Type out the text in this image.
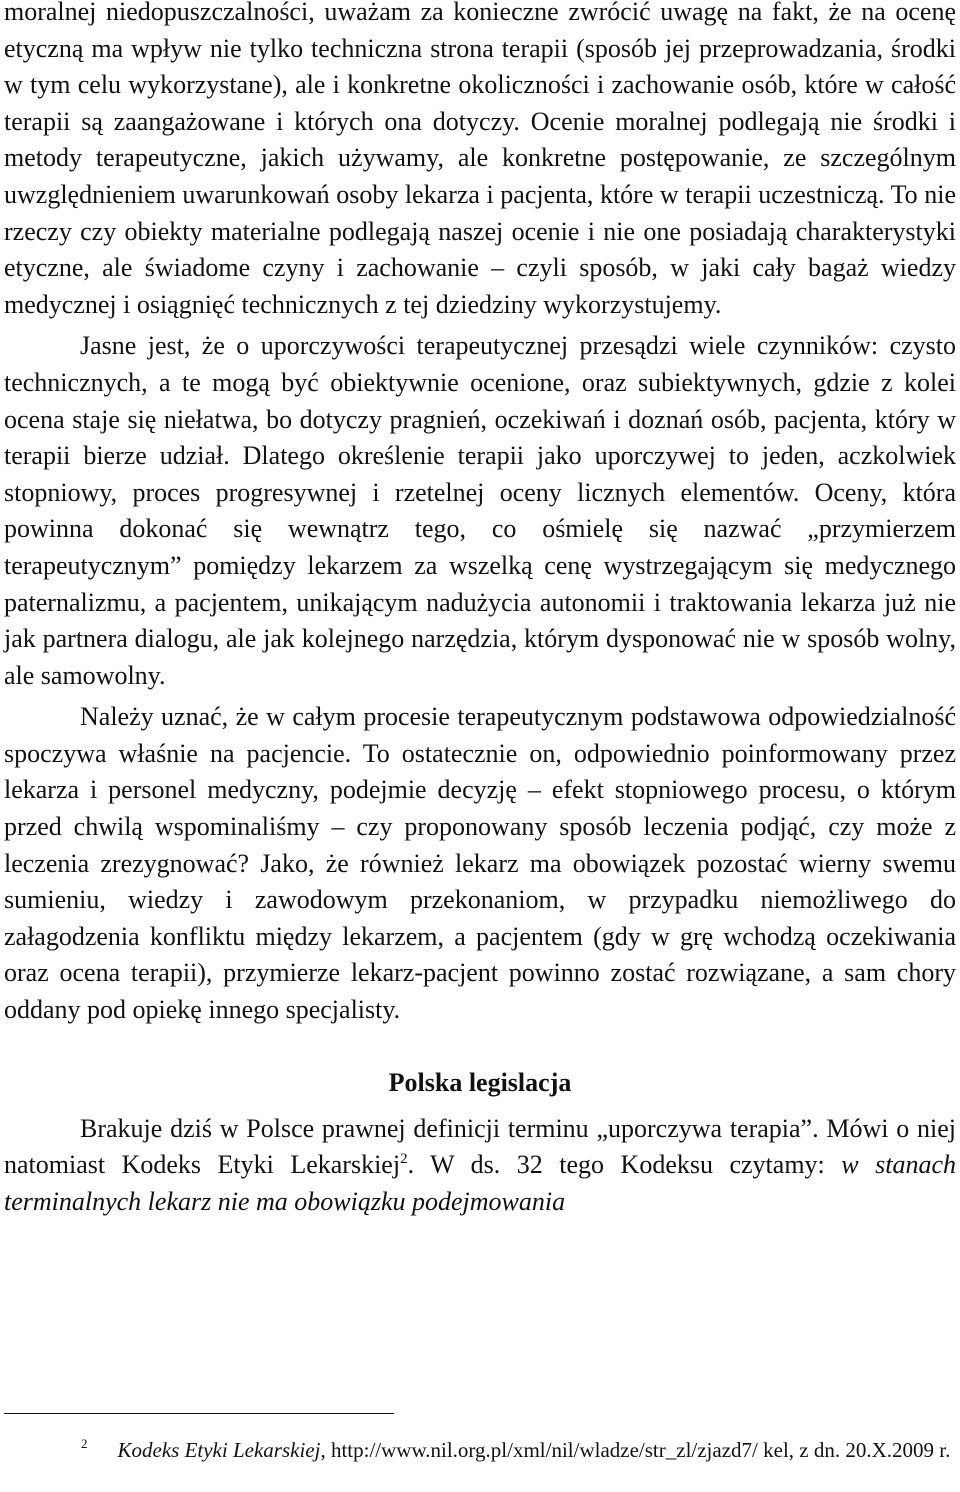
moralnej niedopuszczalności, uważam za konieczne zwrócić uwagę na fakt, że na ocenę etyczną ma wpływ nie tylko techniczna strona terapii (sposób jej przeprowadzania, środki w tym celu wykorzystane), ale i konkretne okoliczności i zachowanie osób, które w całość terapii są zaangażowane i których ona dotyczy. Ocenie moralnej podlegają nie środki i metody terapeutyczne, jakich używamy, ale konkretne postępowanie, ze szczególnym uwzględnieniem uwarunkowań osoby lekarza i pacjenta, które w terapii uczestniczą. To nie rzeczy czy obiekty materialne podlegają naszej ocenie i nie one posiadają charakterystyki etyczne, ale świadome czyny i zachowanie – czyli sposób, w jaki cały bagaż wiedzy medycznej i osiągnięć technicznych z tej dziedziny wykorzystujemy.

Jasne jest, że o uporczywości terapeutycznej przesądzi wiele czynników: czysto technicznych, a te mogą być obiektywnie ocenione, oraz subiektywnych, gdzie z kolei ocena staje się niełatwa, bo dotyczy pragnień, oczekiwań i doznań osób, pacjenta, który w terapii bierze udział. Dlatego określenie terapii jako uporczywej to jeden, aczkolwiek stopniowy, proces progresywnej i rzetelnej oceny licznych elementów. Oceny, która powinna dokonać się wewnątrz tego, co ośmielę się nazwać „przymierzem terapeutycznym” pomiędzy lekarzem za wszelką cenę wystrzegającym się medycznego paternalizmu, a pacjentem, unikającym nadużycia autonomii i traktowania lekarza już nie jak partnera dialogu, ale jak kolejnego narzędzia, którym dysponować nie w sposób wolny, ale samowolny.

Należy uznać, że w całym procesie terapeutycznym podstawowa odpowiedzialność spoczywa właśnie na pacjencie. To ostatecznie on, odpowiednio poinformowany przez lekarza i personel medyczny, podejmie decyzję – efekt stopniowego procesu, o którym przed chwilą wspominaliśmy – czy proponowany sposób leczenia podjąć, czy może z leczenia zrezygnować? Jako, że również lekarz ma obowiązek pozostać wierny swemu sumieniu, wiedzy i zawodowym przekonaniom, w przypadku niemożliwego do załagodzenia konfliktu między lekarzem, a pacjentem (gdy w grę wchodzą oczekiwania oraz ocena terapii), przymierze lekarz-pacjent powinno zostać rozwiązane, a sam chory oddany pod opiekę innego specjalisty.

Polska legislacja

Brakuje dziś w Polsce prawnej definicji terminu „uporczywa terapia”. Mówi o niej natomiast Kodeks Etyki Lekarskiej$^2$. W ds. 32 tego Kodeksu czytamy: w stanach terminalnych lekarz nie ma obowiązku podejmowania

2 Kodeks Etyki Lekarskiej, http://www.nil.org.pl/xml/nil/wladze/str_zl/zjazd7/ kel, z dn. 20.X.2009 r.
